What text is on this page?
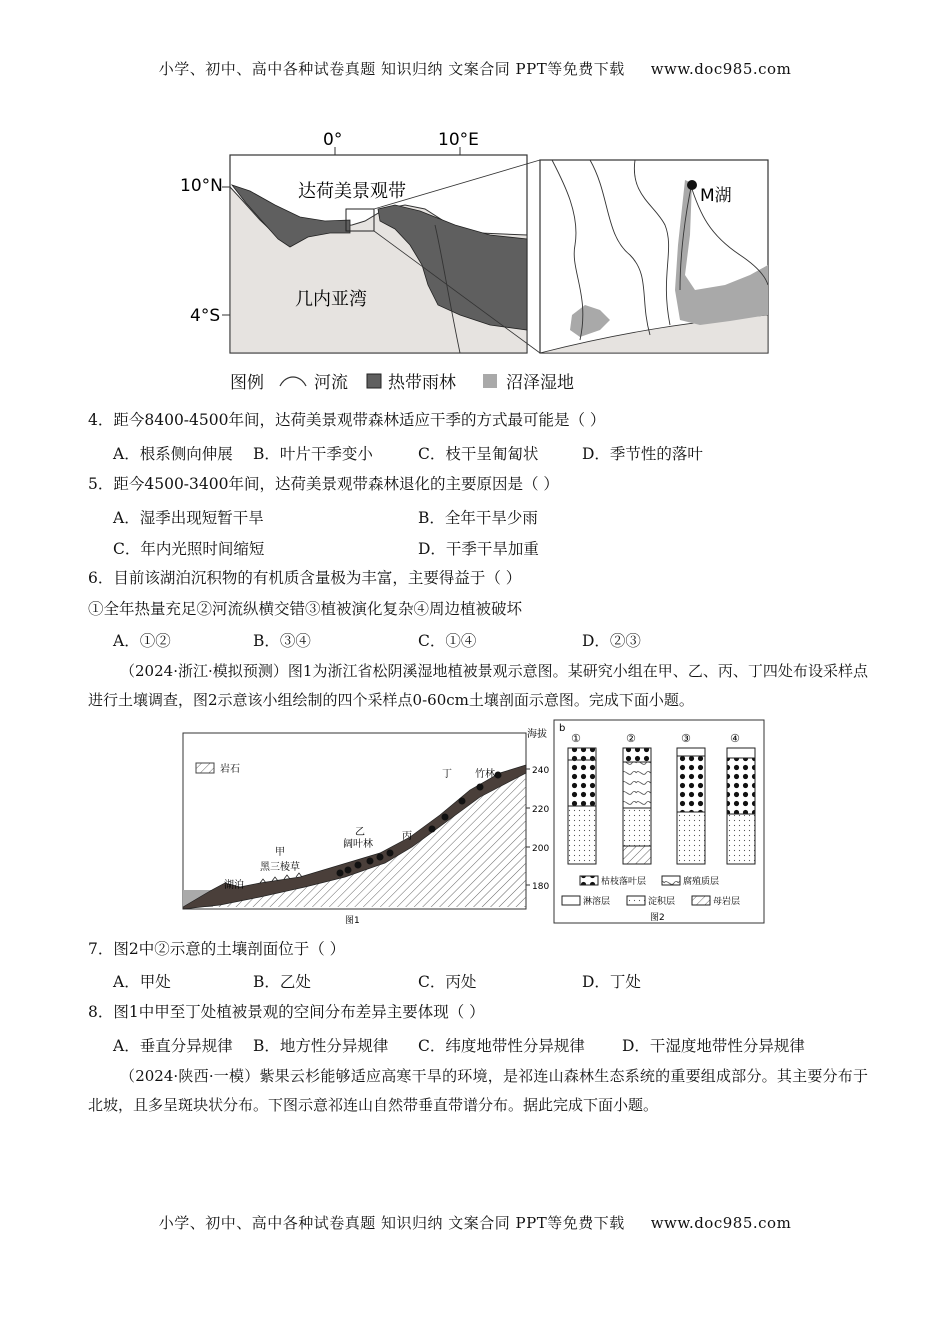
小学、初中、高中各种试卷真题 知识归纳 文案合同 PPT等免费下载 www.doc985.com
0°	10°E
10°N
4°S
达荷美景观带
几内亚湾
M湖
图例	河流 热带雨林	沼泽湿地
4．距今8400-4500年间，达荷美景观带森林适应干季的方式最可能是（ ）
A．根系侧向伸展 B．叶片干季变小	C．枝干呈匍匐状	D．季节性的落叶
5．距今4500-3400年间，达荷美景观带森林退化的主要原因是（ ）
A．湿季出现短暂干旱	B．全年干旱少雨
C．年内光照时间缩短	D．干季干旱加重
6．目前该湖泊沉积物的有机质含量极为丰富，主要得益于（ ）
①全年热量充足②河流纵横交错③植被演化复杂④周边植被破坏
A．①②	B．③④	C．①④	D．②③
（2024·浙江·模拟预测）图1为浙江省松阴溪湿地植被景观示意图。某研究小组在甲、乙、丙、丁四处布设采样点进行土壤调查，图2示意该小组绘制的四个采样点0-60cm土壤剖面示意图。完成下面小题。
岩石
湖泊
甲
黑三棱草
乙
阔叶林
丙
丁 竹林
海拔
240
220
200
180
图1
b
①	②	③	④
枯枝落叶层	腐殖质层
淋溶层	淀积层	母岩层
图2
7．图2中②示意的土壤剖面位于（ ）
A．甲处	B．乙处	C．丙处	D．丁处
8．图1中甲至丁处植被景观的空间分布差异主要体现（ ）
A．垂直分异规律 B．地方性分异规律 C．纬度地带性分异规律 D．干湿度地带性分异规律
（2024·陕西·一模）紫果云杉能够适应高寒干旱的环境，是祁连山森林生态系统的重要组成部分。其主要分布于北坡，且多呈斑块状分布。下图示意祁连山自然带垂直带谱分布。据此完成下面小题。
小学、初中、高中各种试卷真题 知识归纳 文案合同 PPT等免费下载 www.doc985.com
